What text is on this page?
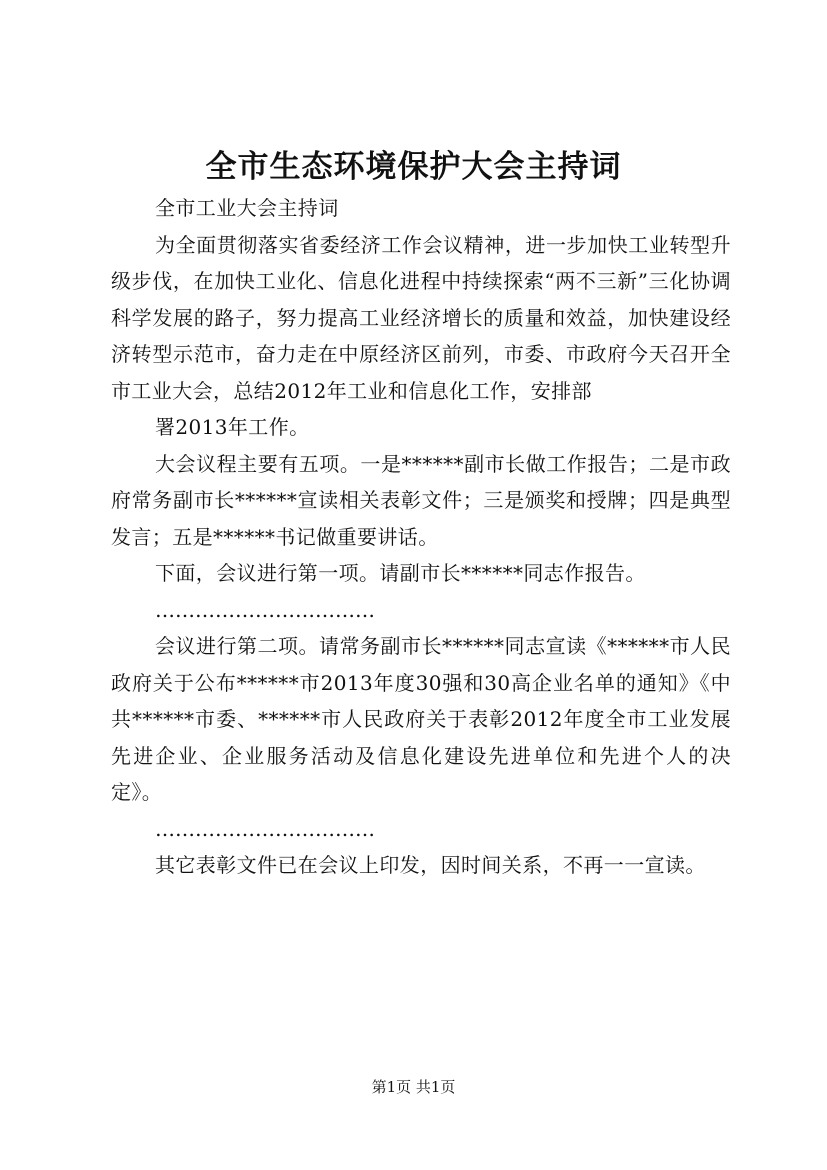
全市生态环境保护大会主持词

全市工业大会主持词

为全面贯彻落实省委经济工作会议精神，进一步加快工业转型升级步伐，在加快工业化、信息化进程中持续探索“两不三新”三化协调科学发展的路子，努力提高工业经济增长的质量和效益，加快建设经济转型示范市，奋力走在中原经济区前列，市委、市政府今天召开全市工业大会，总结2012年工业和信息化工作，安排部

署2013年工作。

大会议程主要有五项。一是******副市长做工作报告；二是市政府常务副市长******宣读相关表彰文件；三是颁奖和授牌；四是典型发言；五是******书记做重要讲话。

下面，会议进行第一项。请副市长******同志作报告。

……………………………

会议进行第二项。请常务副市长******同志宣读《******市人民政府关于公布******市2013年度30强和30高企业名单的通知》《中共******市委、******市人民政府关于表彰2012年度全市工业发展先进企业、企业服务活动及信息化建设先进单位和先进个人的决定》。

……………………………

其它表彰文件已在会议上印发，因时间关系，不再一一宣读。

第1页 共1页
